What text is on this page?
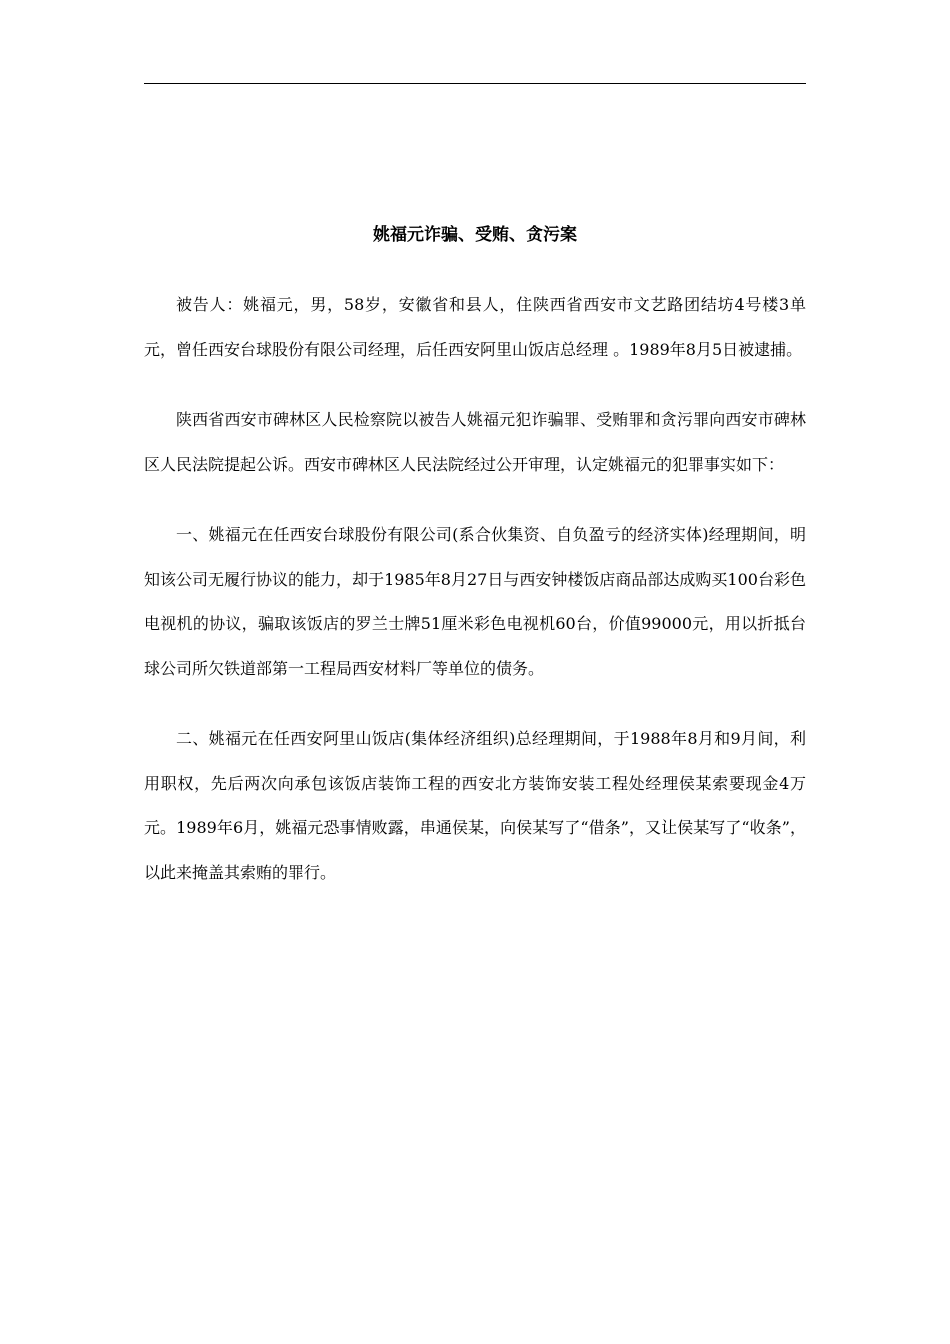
姚福元诈骗、受贿、贪污案

被告人：姚福元，男，58岁，安徽省和县人，住陕西省西安市文艺路团结坊4号楼3单元，曾任西安台球股份有限公司经理，后任西安阿里山饭店总经理 。1989年8月5日被逮捕。

陕西省西安市碑林区人民检察院以被告人姚福元犯诈骗罪、受贿罪和贪污罪向西安市碑林区人民法院提起公诉。西安市碑林区人民法院经过公开审理，认定姚福元的犯罪事实如下：

一、姚福元在任西安台球股份有限公司(系合伙集资、自负盈亏的经济实体)经理期间，明知该公司无履行协议的能力，却于1985年8月27日与西安钟楼饭店商品部达成购买100台彩色电视机的协议，骗取该饭店的罗兰士牌51厘米彩色电视机60台，价值99000元，用以折抵台球公司所欠铁道部第一工程局西安材料厂等单位的债务。

二、姚福元在任西安阿里山饭店(集体经济组织)总经理期间，于1988年8月和9月间，利用职权，先后两次向承包该饭店装饰工程的西安北方装饰安装工程处经理侯某索要现金4万元。1989年6月，姚福元恐事情败露，串通侯某，向侯某写了“借条”，又让侯某写了“收条”，以此来掩盖其索贿的罪行。
